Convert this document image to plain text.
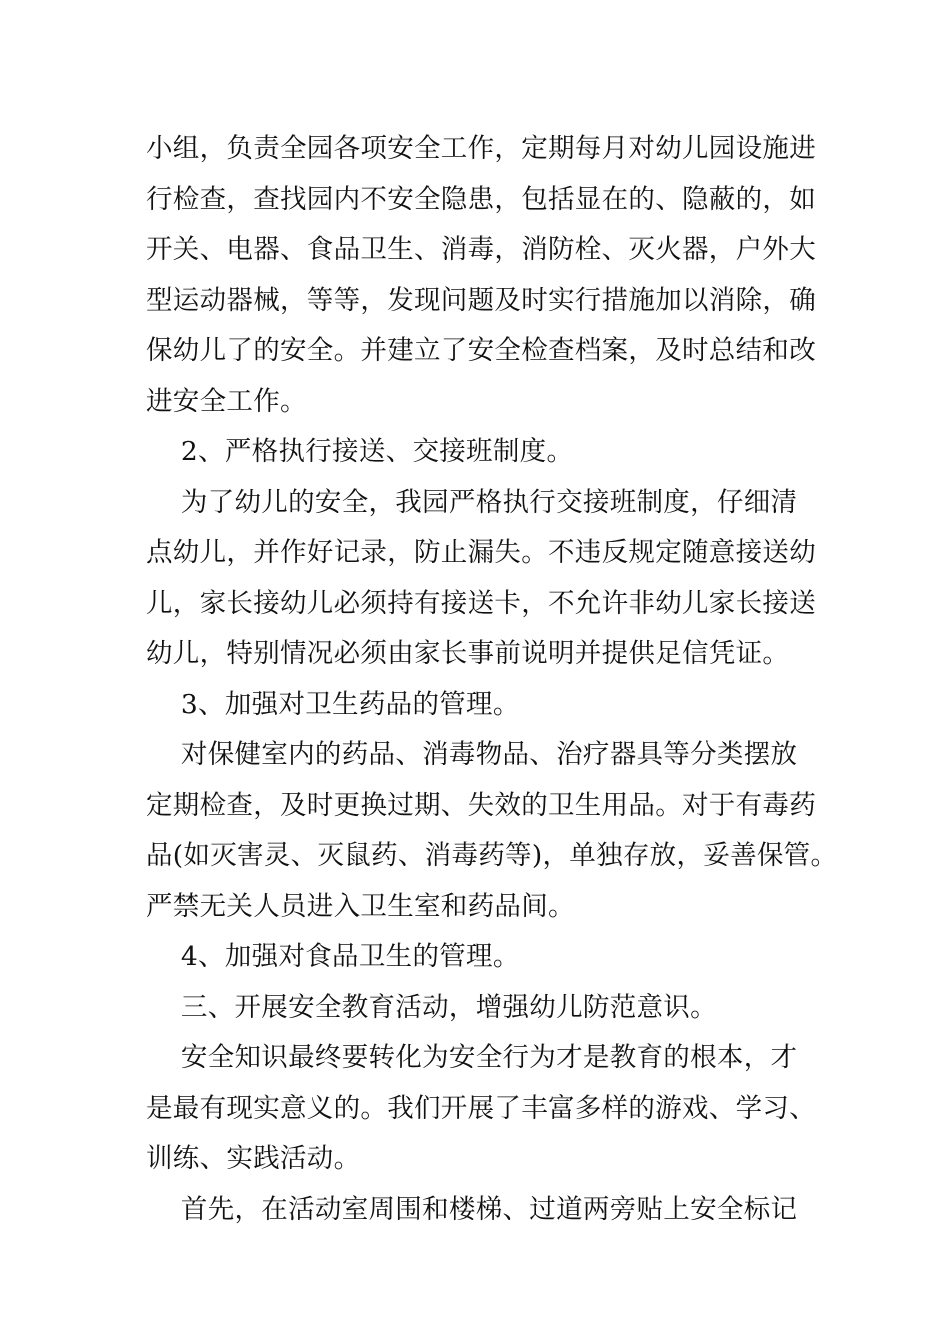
小组，负责全园各项安全工作，定期每月对幼儿园设施进
行检查，查找园内不安全隐患，包括显在的、隐蔽的，如
开关、电器、食品卫生、消毒，消防栓、灭火器，户外大
型运动器械，等等，发现问题及时实行措施加以消除，确
保幼儿了的安全。并建立了安全检查档案，及时总结和改
进安全工作。
2、严格执行接送、交接班制度。
为了幼儿的安全，我园严格执行交接班制度，仔细清
点幼儿，并作好记录，防止漏失。不违反规定随意接送幼
儿，家长接幼儿必须持有接送卡，不允许非幼儿家长接送
幼儿，特别情况必须由家长事前说明并提供足信凭证。
3、加强对卫生药品的管理。
对保健室内的药品、消毒物品、治疗器具等分类摆放
定期检查，及时更换过期、失效的卫生用品。对于有毒药
品(如灭害灵、灭鼠药、消毒药等)，单独存放，妥善保管。
严禁无关人员进入卫生室和药品间。
4、加强对食品卫生的管理。
三、开展安全教育活动，增强幼儿防范意识。
安全知识最终要转化为安全行为才是教育的根本，才
是最有现实意义的。我们开展了丰富多样的游戏、学习、
训练、实践活动。
首先，在活动室周围和楼梯、过道两旁贴上安全标记
